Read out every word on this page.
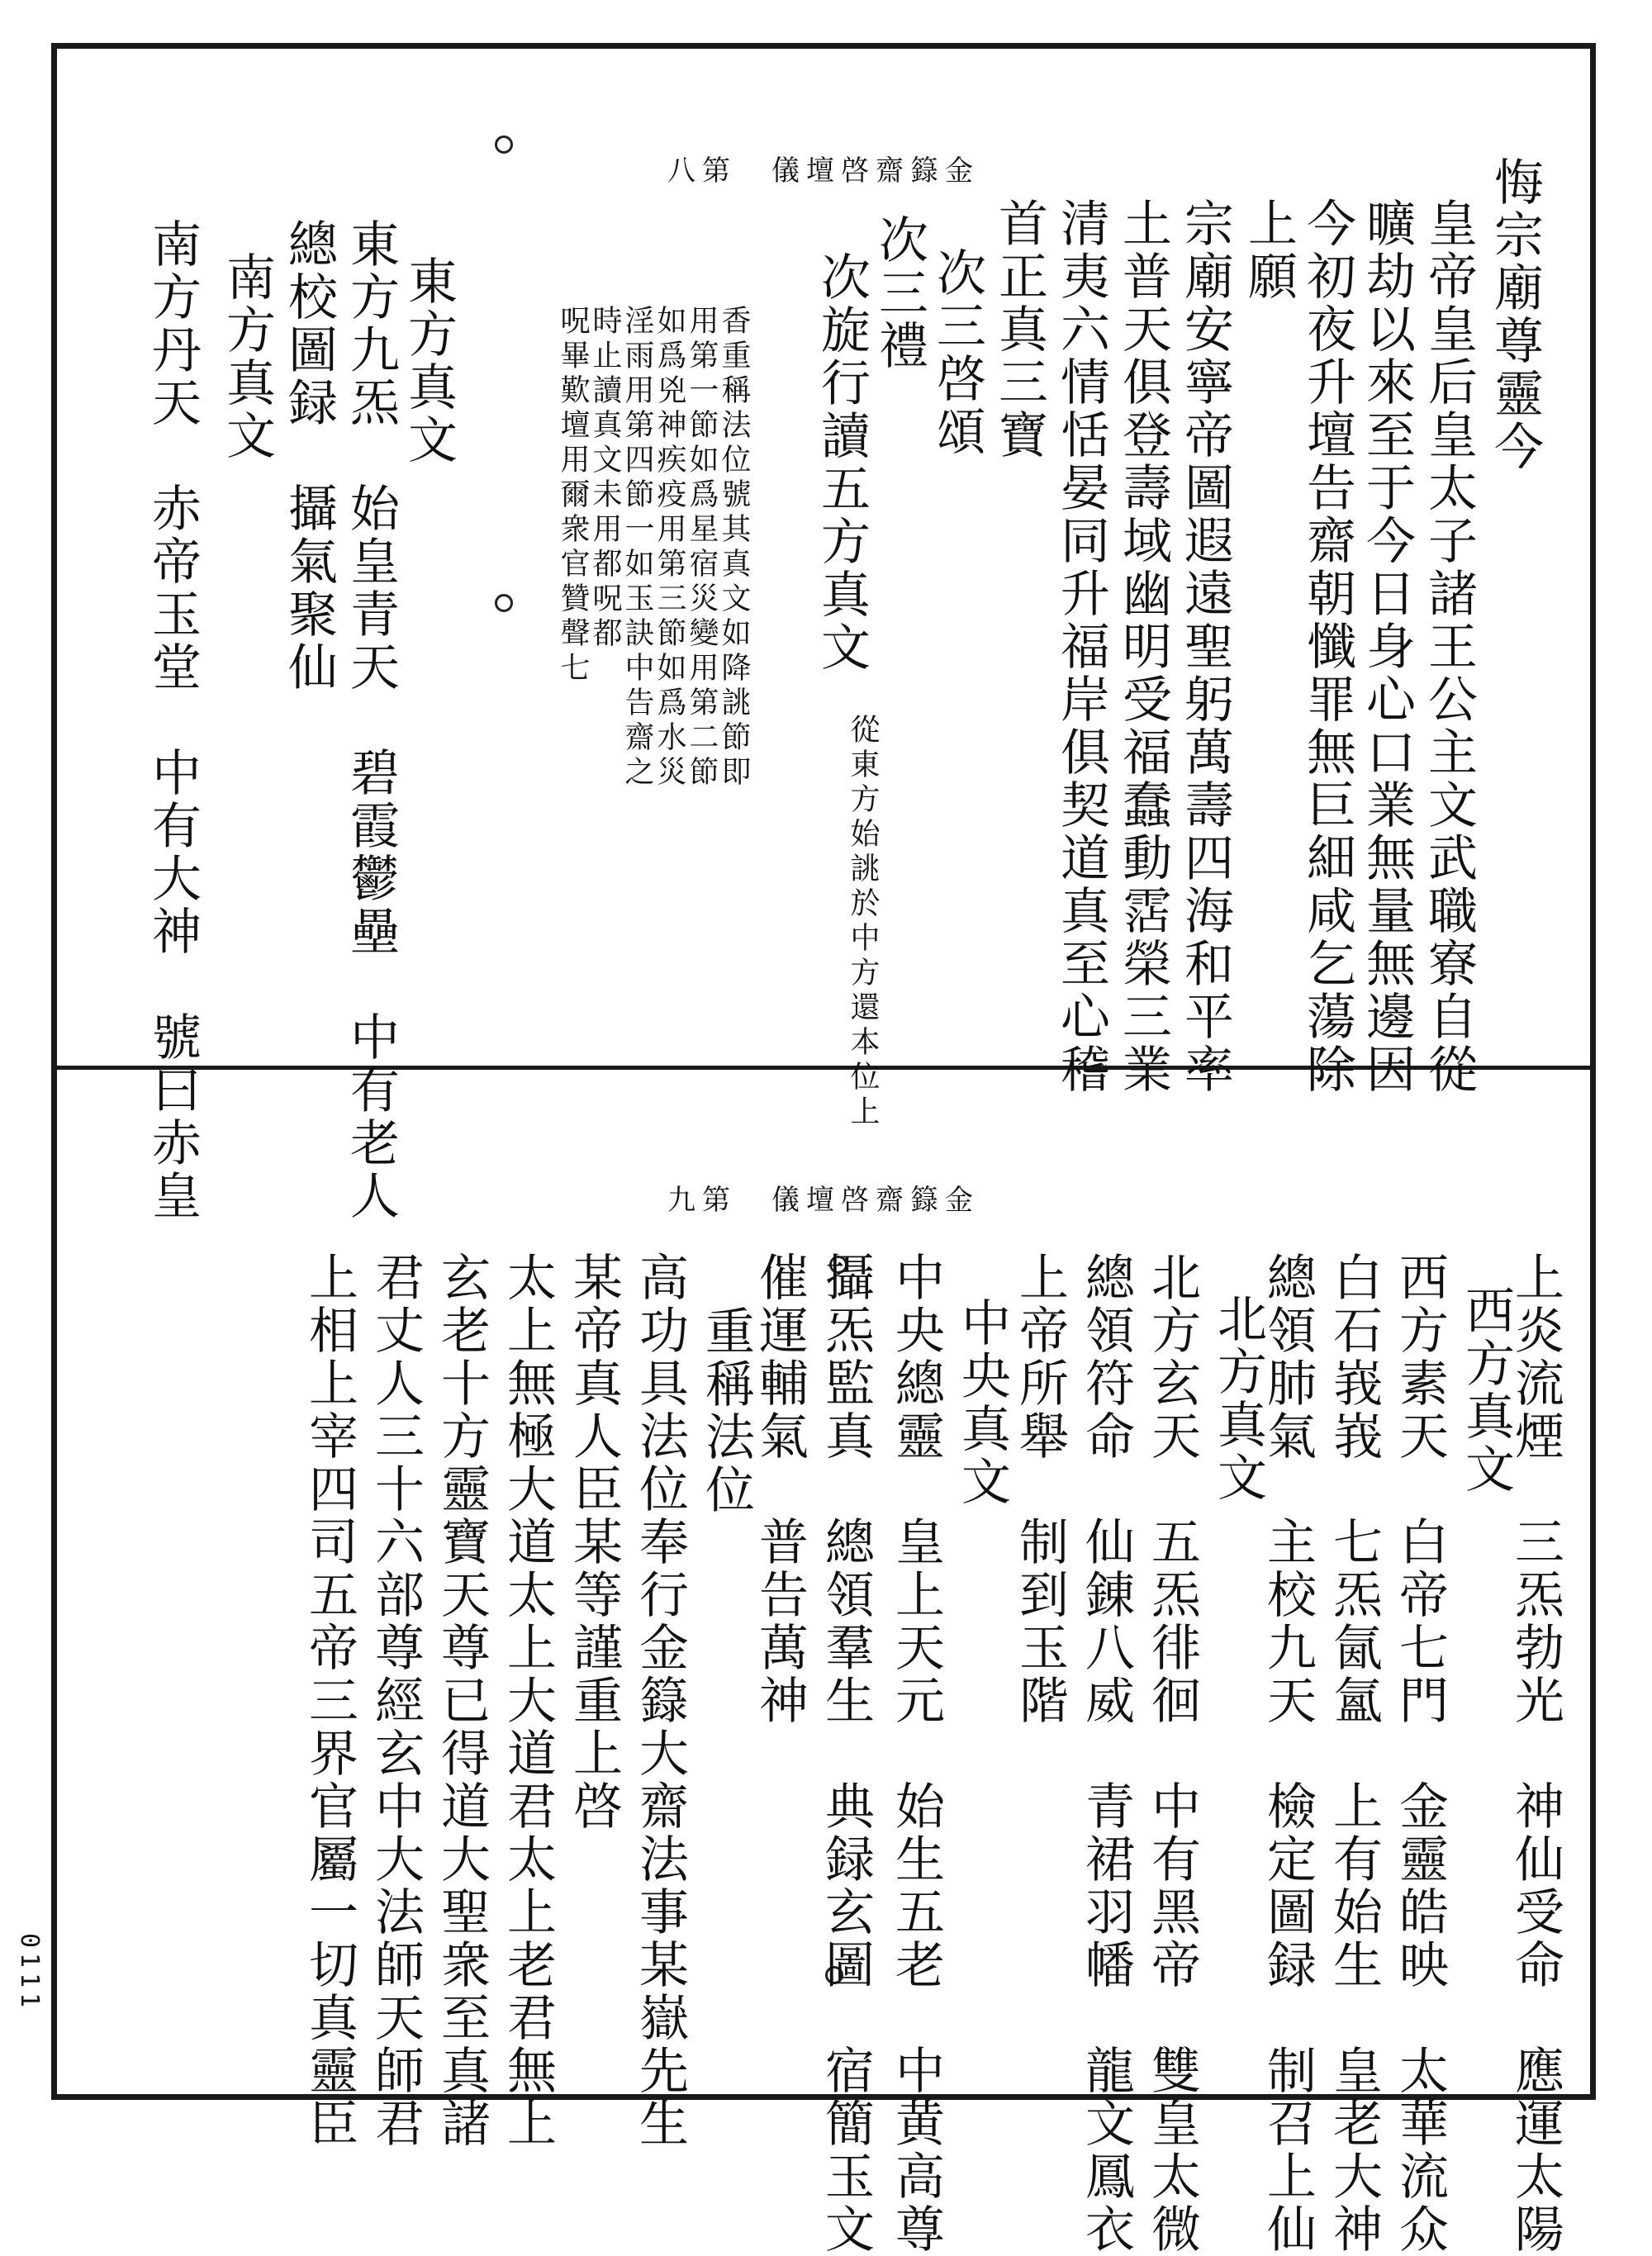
八第　儀壇啓齋籙金	悔宗廟尊靈今
皇帝皇后皇太子諸王公主文武職寮自從
曠劫以來至于今日身心口業無量無邊因
今初夜升壇告齋朝懺罪無巨細咸乞蕩除
上願
宗廟安寧帝圖遐遠聖躬萬壽四海和平率
土普天俱登壽域幽明受福蠢動霑榮三業
清夷六情恬晏同升福岸俱契道真至心稽
首正真三寶
次三啓頌
次三禮
次旋行讀五方真文
從東方始誂於中方還本位上
香重稱法位號其真文如降誂節即
用第一節如爲星宿災變用第二節
如爲兇神疾疫用第三節如爲水災
淫雨用第四節一如玉訣中告齋之
時止讀真文未用都呪都
呪畢歎壇用爾衆官贊聲七
東方真文
東方九炁　始皇青天　碧霞鬱壘　中有老人
總校圖録　攝氣聚仙
南方真文
南方丹天　赤帝玉堂　中有大神　號曰赤皇	九第　儀壇啓齋籙金
上炎流煙　三炁勃光　神仙受命　應運太陽
西方真文
西方素天　白帝七門　金靈皓映　太華流众
白石峩峩　七炁氤氳　上有始生　皇老大神
總領肺氣　主校九天　檢定圖録　制召上仙
北方真文
北方玄天　五炁徘徊　中有黑帝　雙皇太微
總領符命　仙錬八威　青裙羽幡　龍文鳳衣
上帝所舉　制到玉階
中央真文
中央總靈　皇上天元　始生五老　中黄高尊
攝炁監真　總領羣生　典録玄圖　宿簡玉文
催運輔氣　普告萬神
重稱法位
高功具法位奉行金籙大齋法事某嶽先生
某帝真人臣某等謹重上啓
太上無極大道太上大道君太上老君無上
玄老十方靈寶天尊已得道大聖衆至真諸
君丈人三十六部尊經玄中大法師天師君
上相上宰四司五帝三界官屬一切真靈臣
0111
